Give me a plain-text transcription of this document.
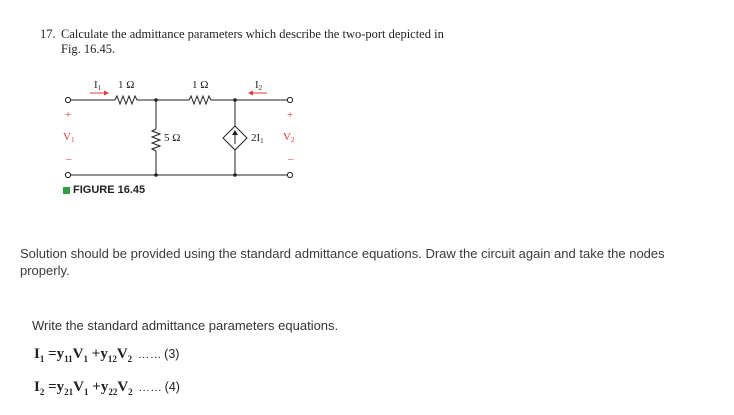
17. Calculate the admittance parameters which describe the two-port depicted in
Fig. 16.45.
I1 1 Ω	1 Ω	I2
5 Ω	2I1
+
V1
–
+
V2
–
FIGURE 16.45
Solution should be provided using the standard admittance equations. Draw the circuit again and take the nodes properly.
Write the standard admittance parameters equations.
$I_1 =y_{11}V_1 +y_{12}V_2$ …… (3)
$I_2 =y_{21}V_1 +y_{22}V_2$ …… (4)
